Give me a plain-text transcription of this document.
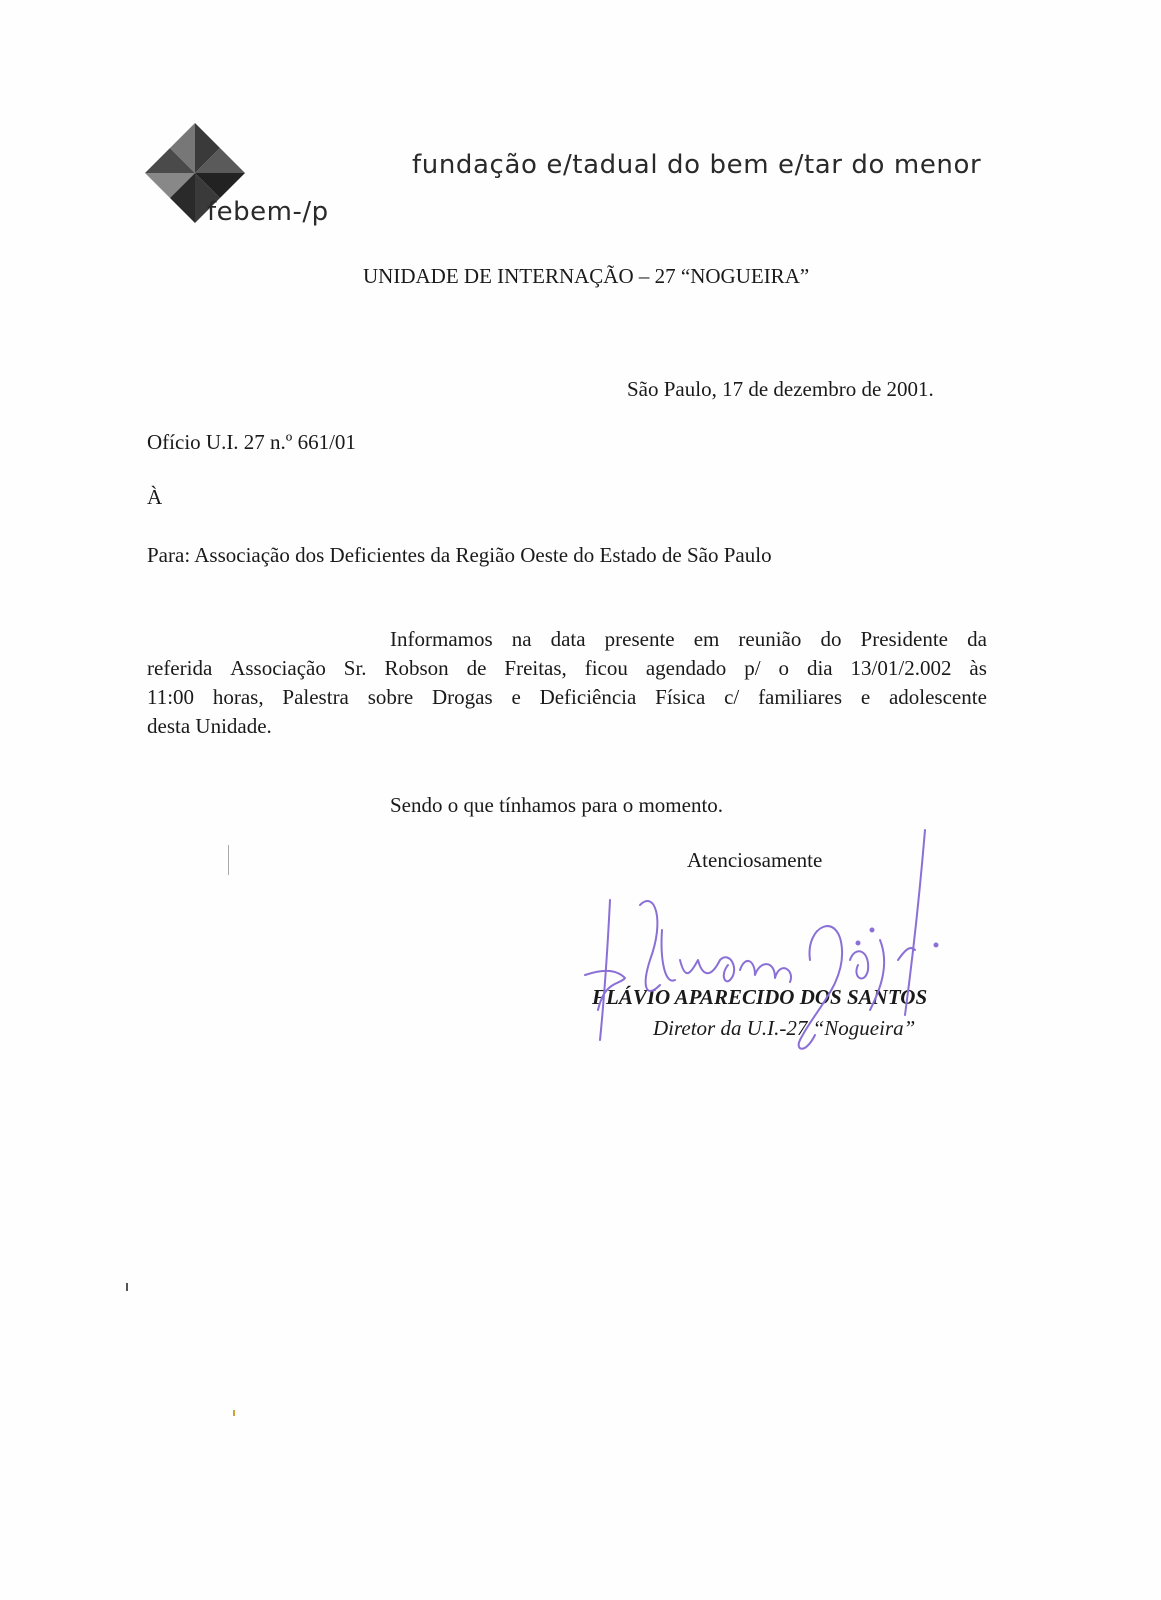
febem-∕p
fundação e∕tadual do bem e∕tar do menor
UNIDADE DE INTERNAÇÃO – 27 “NOGUEIRA”
São Paulo, 17 de dezembro de 2001.
Ofício U.I. 27 n.º 661/01
À
Para: Associação dos Deficientes da Região Oeste do Estado de São Paulo
Informamos na data presente em reunião do Presidente da
referida Associação Sr. Robson de Freitas, ficou agendado p/ o dia 13/01/2.002 às
11:00 horas, Palestra sobre Drogas e Deficiência Física c/ familiares e adolescente
desta Unidade.
Sendo o que tínhamos para o momento.
Atenciosamente
FLÁVIO APARECIDO DOS SANTOS
Diretor da U.I.-27 “Nogueira”
